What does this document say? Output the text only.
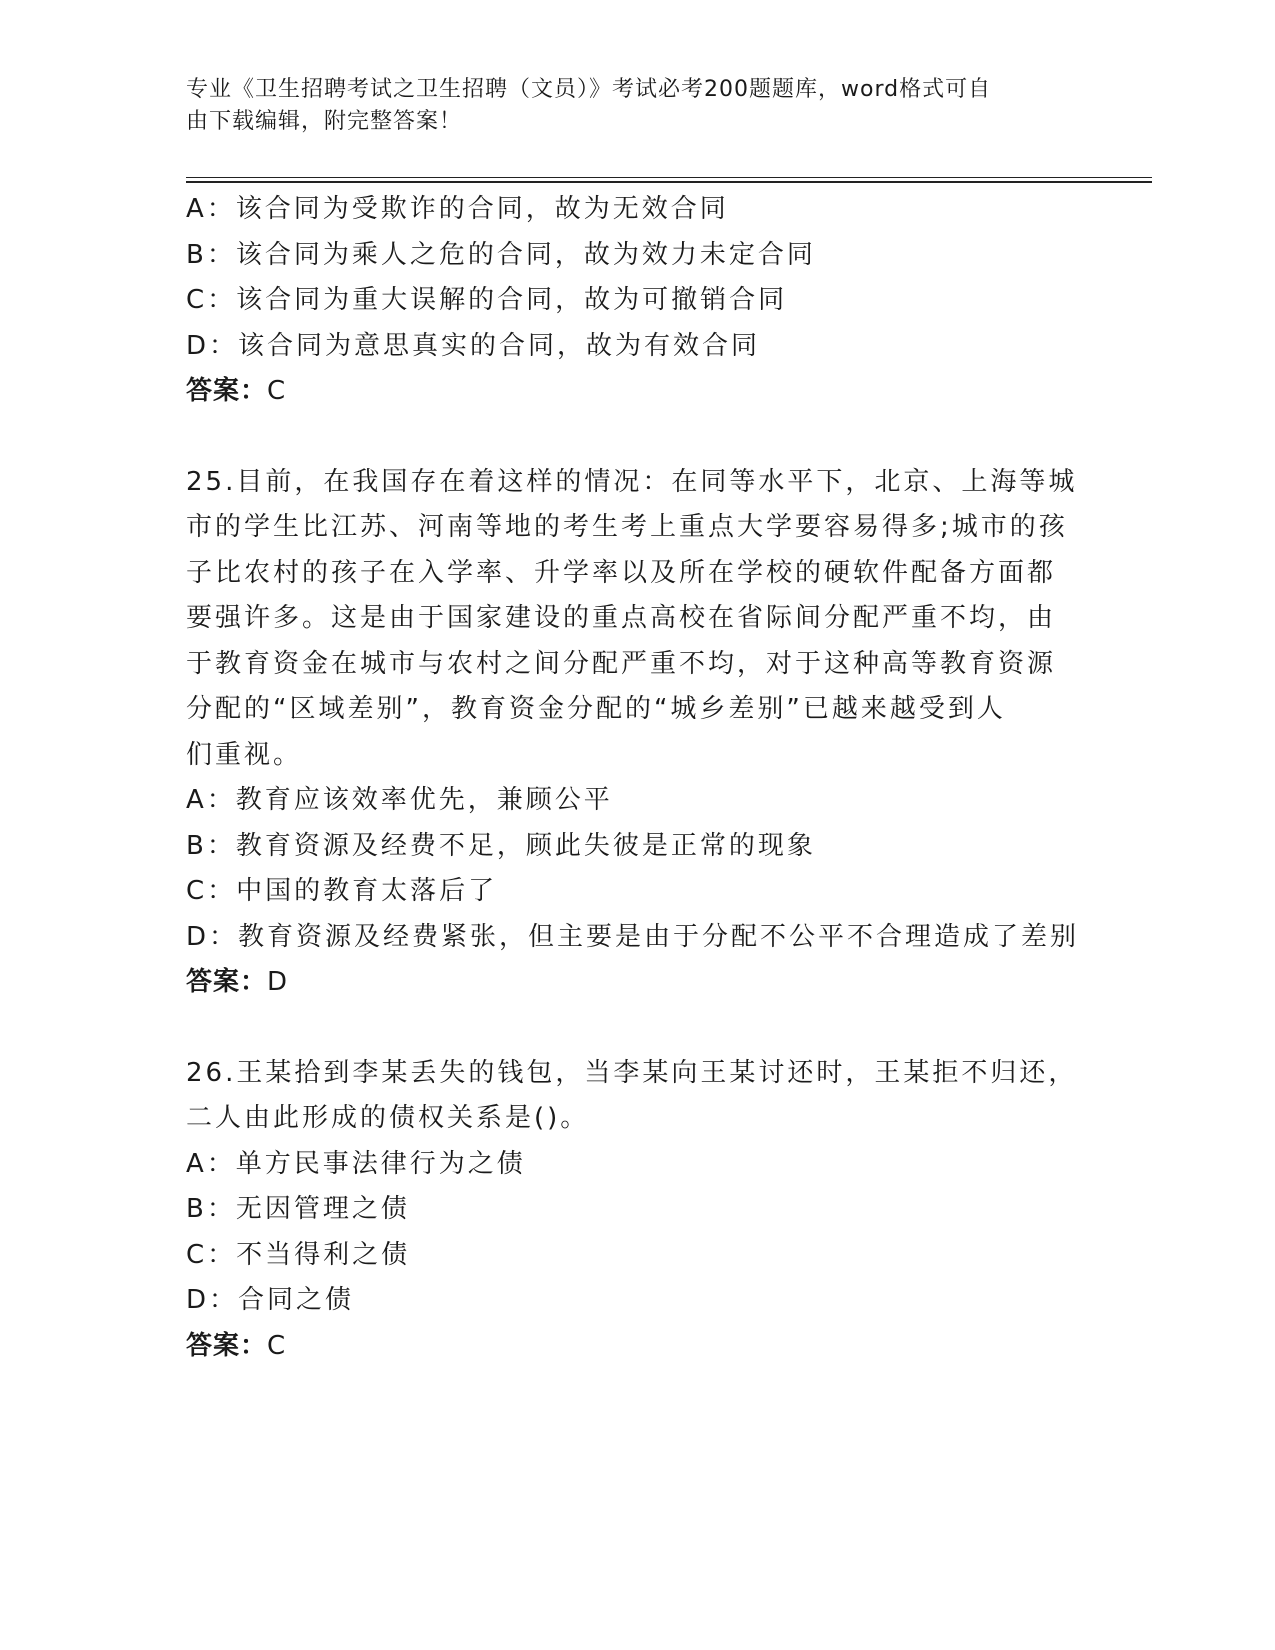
专业《卫生招聘考试之卫生招聘（文员）》考试必考200题题库，word格式可自
由下载编辑，附完整答案！
A：该合同为受欺诈的合同，故为无效合同
B：该合同为乘人之危的合同，故为效力未定合同
C：该合同为重大误解的合同，故为可撤销合同
D：该合同为意思真实的合同，故为有效合同
答案：C
25.目前，在我国存在着这样的情况：在同等水平下，北京、上海等城
市的学生比江苏、河南等地的考生考上重点大学要容易得多;城市的孩
子比农村的孩子在入学率、升学率以及所在学校的硬软件配备方面都
要强许多。这是由于国家建设的重点高校在省际间分配严重不均，由
于教育资金在城市与农村之间分配严重不均，对于这种高等教育资源
分配的“区域差别”，教育资金分配的“城乡差别”已越来越受到人
们重视。
A：教育应该效率优先，兼顾公平
B：教育资源及经费不足，顾此失彼是正常的现象
C：中国的教育太落后了
D：教育资源及经费紧张，但主要是由于分配不公平不合理造成了差别
答案：D
26.王某拾到李某丢失的钱包，当李某向王某讨还时，王某拒不归还，
二人由此形成的债权关系是()。
A：单方民事法律行为之债
B：无因管理之债
C：不当得利之债
D：合同之债
答案：C
